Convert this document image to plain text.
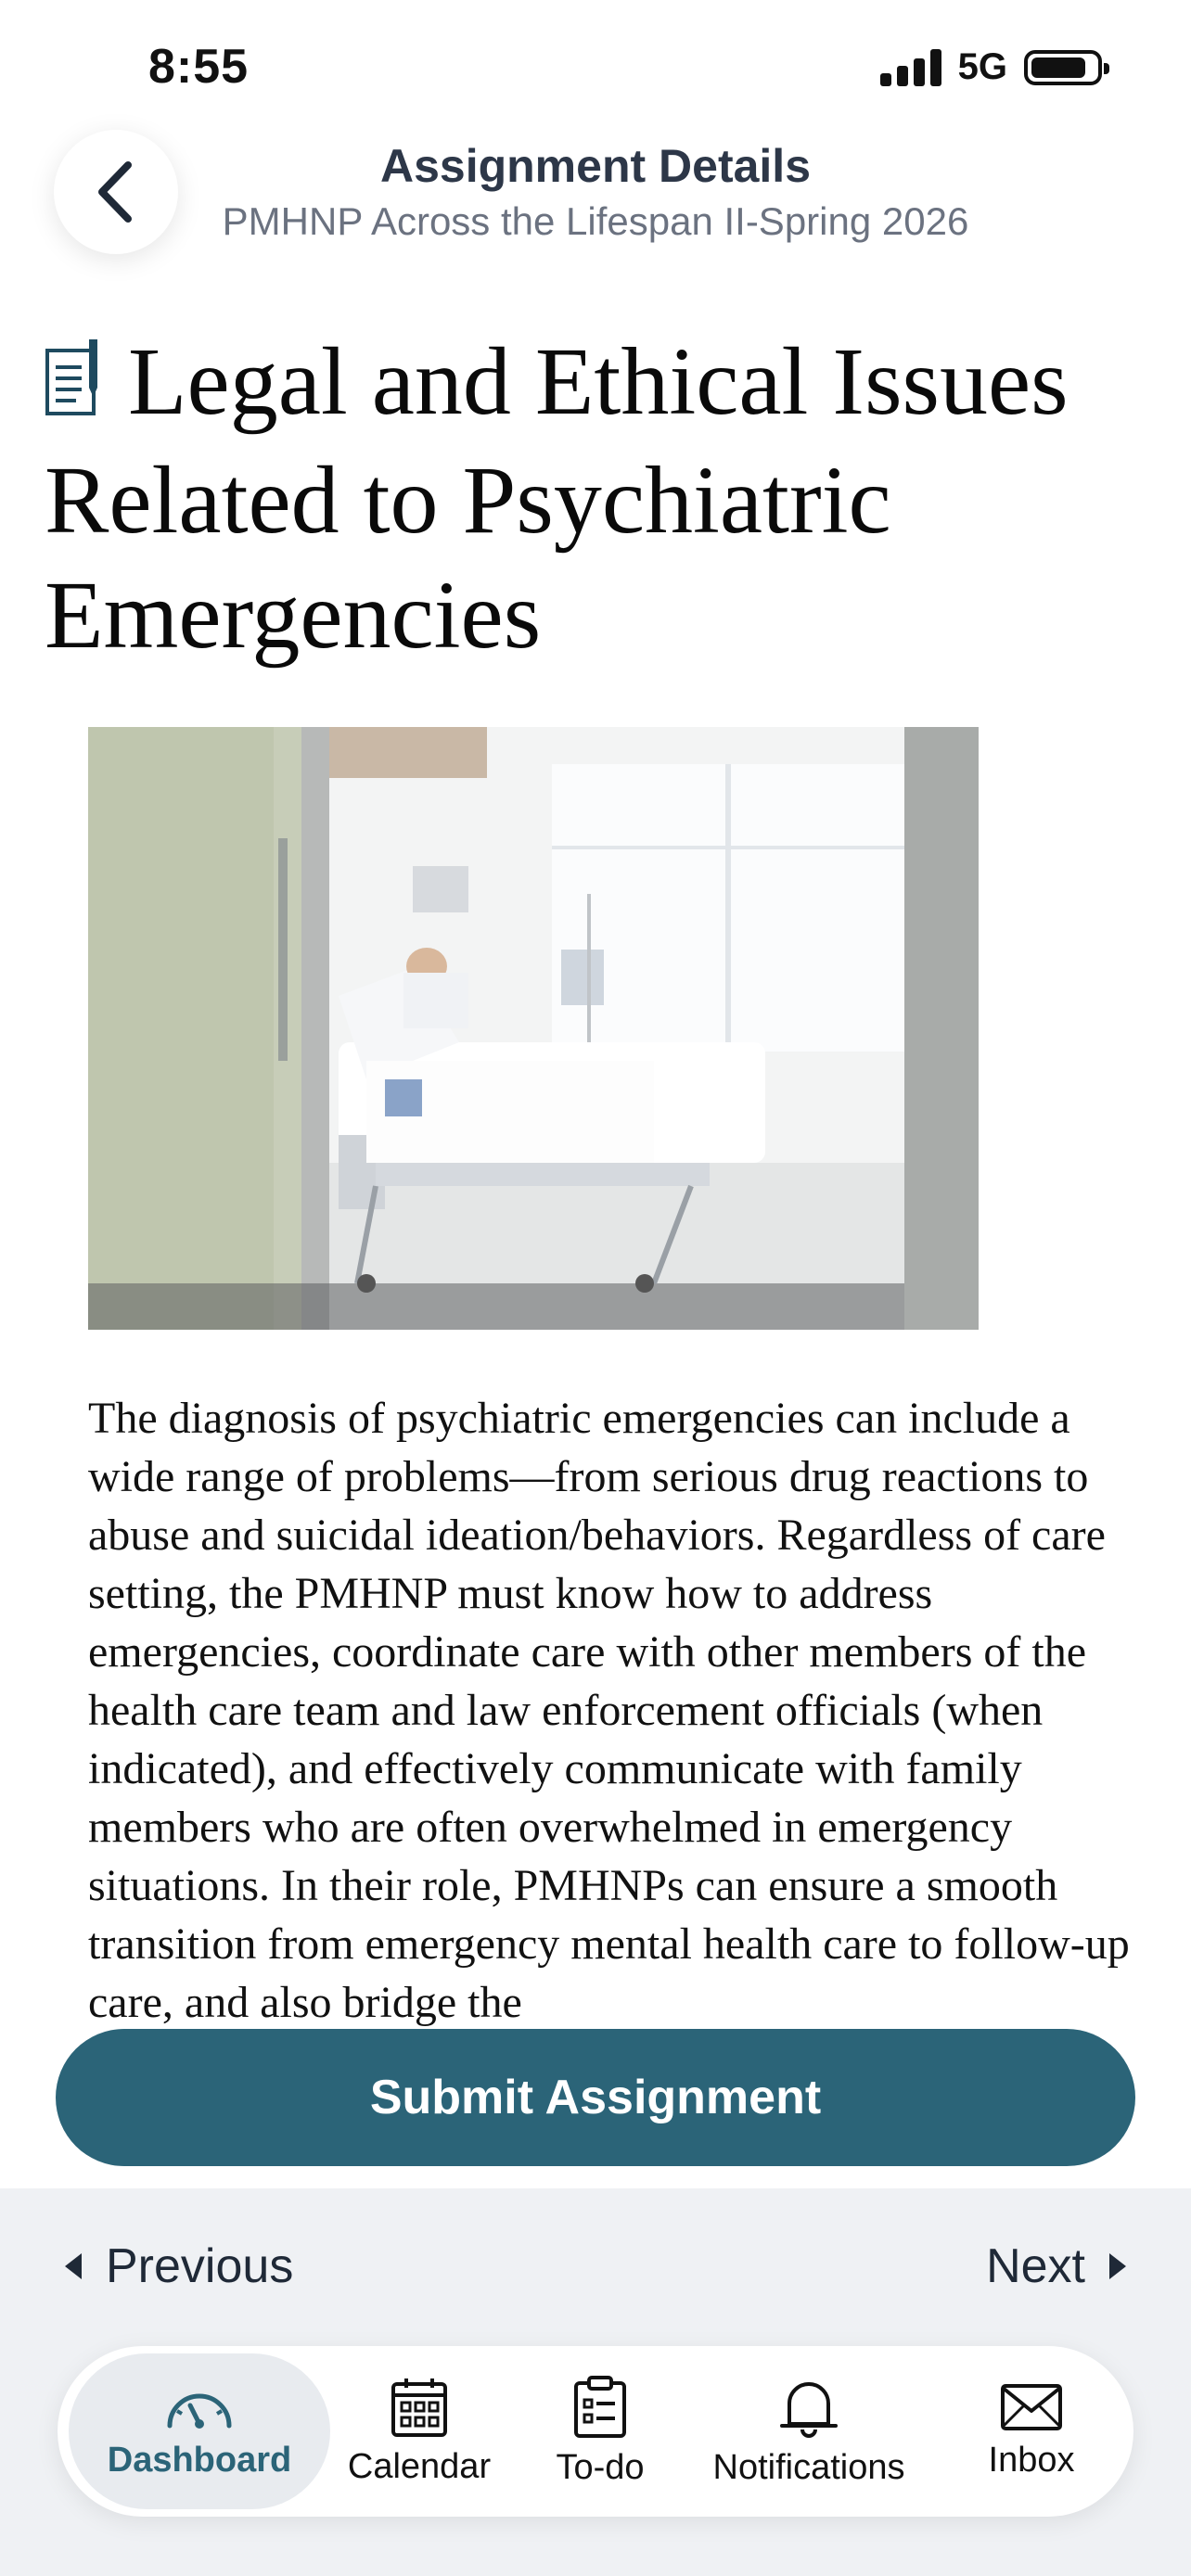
8:55	5G
Assignment Details
PMHNP Across the Lifespan II-Spring 2026
Legal and Ethical Issues Related to Psychiatric Emergencies
The diagnosis of psychiatric emergencies can include a wide range of problems—from serious drug reactions to abuse and suicidal ideation/behaviors. Regardless of care setting, the PMHNP must know how to address emergencies, coordinate care with other members of the health care team and law enforcement officials (when indicated), and effectively communicate with family members who are often overwhelmed in emergency situations. In their role, PMHNPs can ensure a smooth transition from emergency mental health care to follow-up care, and also bridge the
Submit Assignment
Previous	Next
Dashboard Calendar To-do Notifications Inbox
